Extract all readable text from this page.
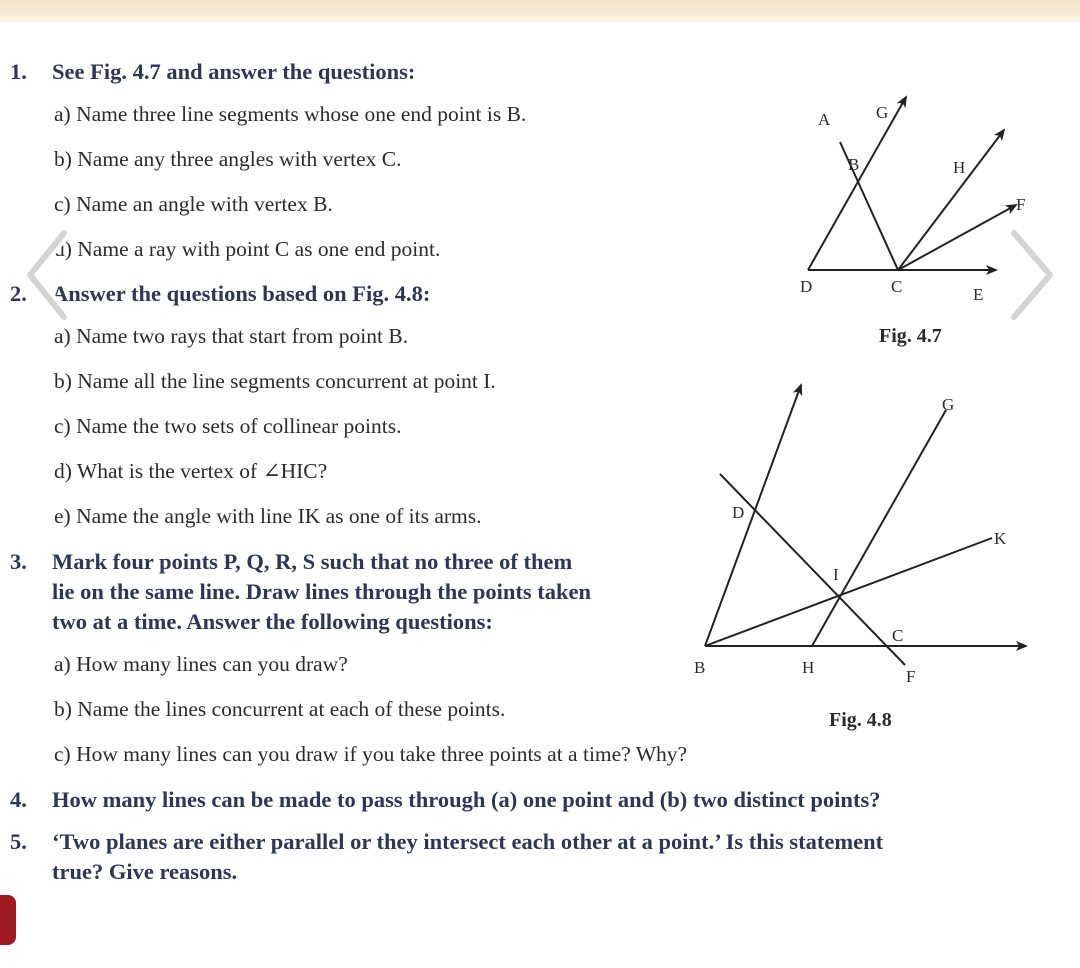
1. See Fig. 4.7 and answer the questions:
a) Name three line segments whose one end point is B.
b) Name any three angles with vertex C.
c) Name an angle with vertex B.
d) Name a ray with point C as one end point.
2. Answer the questions based on Fig. 4.8:
a) Name two rays that start from point B.
b) Name all the line segments concurrent at point I.
c) Name the two sets of collinear points.
d) What is the vertex of ∠HIC?
e) Name the angle with line IK as one of its arms.
3. Mark four points P, Q, R, S such that no three of them
lie on the same line. Draw lines through the points taken
two at a time. Answer the following questions:
a) How many lines can you draw?
b) Name the lines concurrent at each of these points.
c) How many lines can you draw if you take three points at a time? Why?
4. How many lines can be made to pass through (a) one point and (b) two distinct points?
5. ‘Two planes are either parallel or they intersect each other at a point.’ Is this statement
true? Give reasons.
A	G
B	H
F
D	C	E
G
D
K
I
C
B	H	F
Fig. 4.7
Fig. 4.8
